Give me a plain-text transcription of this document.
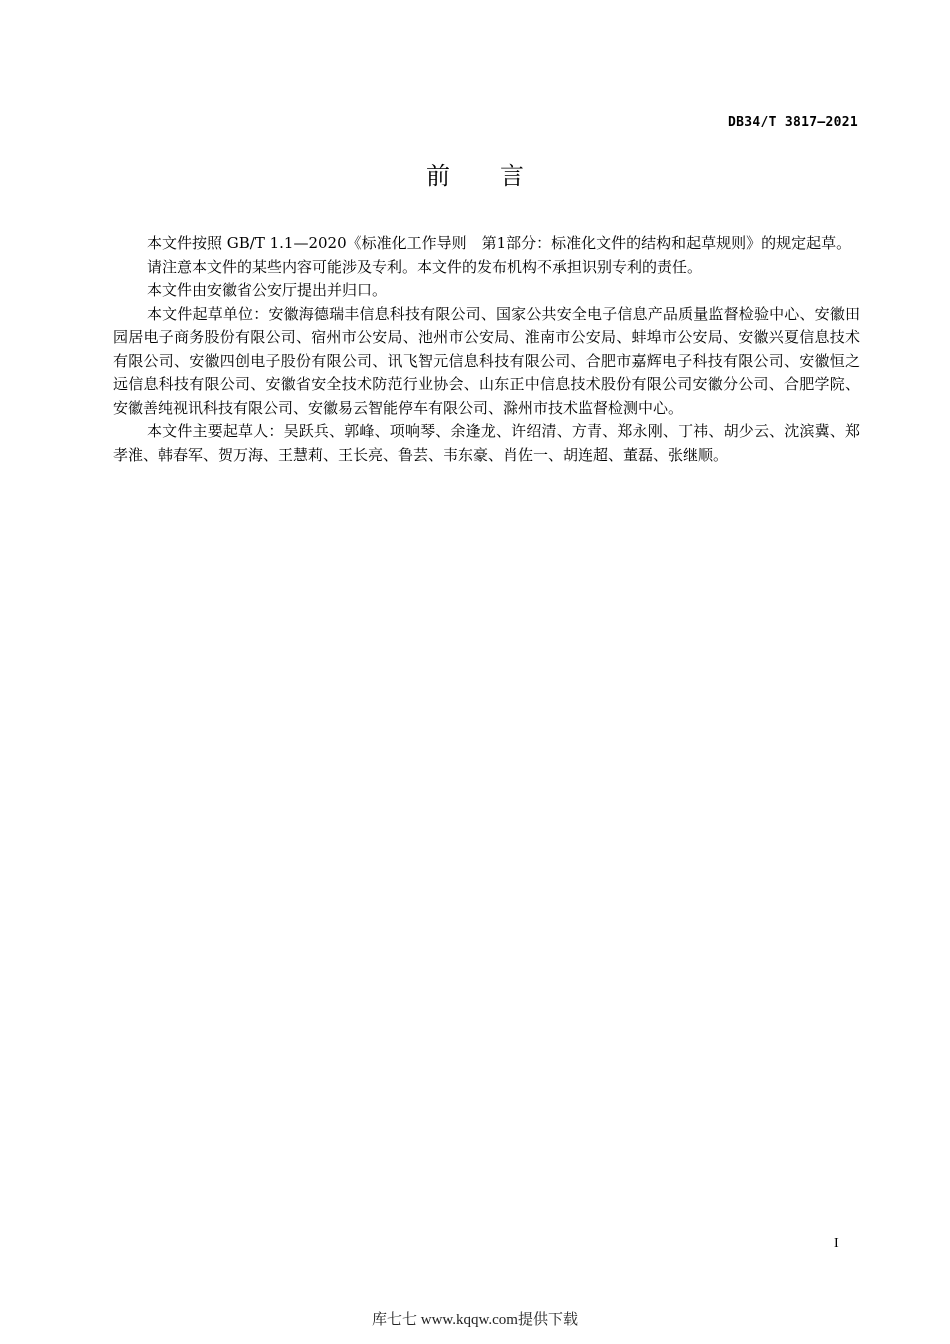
DB34/T 3817—2021
前言

本文件按照 GB/T 1.1—2020《标准化工作导则　第1部分：标准化文件的结构和起草规则》的规定起草。

请注意本文件的某些内容可能涉及专利。本文件的发布机构不承担识别专利的责任。

本文件由安徽省公安厅提出并归口。

本文件起草单位：安徽海德瑞丰信息科技有限公司、国家公共安全电子信息产品质量监督检验中心、安徽田园居电子商务股份有限公司、宿州市公安局、池州市公安局、淮南市公安局、蚌埠市公安局、安徽兴夏信息技术有限公司、安徽四创电子股份有限公司、讯飞智元信息科技有限公司、合肥市嘉辉电子科技有限公司、安徽恒之远信息科技有限公司、安徽省安全技术防范行业协会、山东正中信息技术股份有限公司安徽分公司、合肥学院、安徽善纯视讯科技有限公司、安徽易云智能停车有限公司、滁州市技术监督检测中心。

本文件主要起草人：吴跃兵、郭峰、项响琴、余逢龙、许绍清、方青、郑永刚、丁祎、胡少云、沈滨冀、郑孝淮、韩春军、贺万海、王慧莉、王长亮、鲁芸、韦东豪、肖佐一、胡连超、董磊、张继顺。

I
库七七 www.kqqw.com提供下载
